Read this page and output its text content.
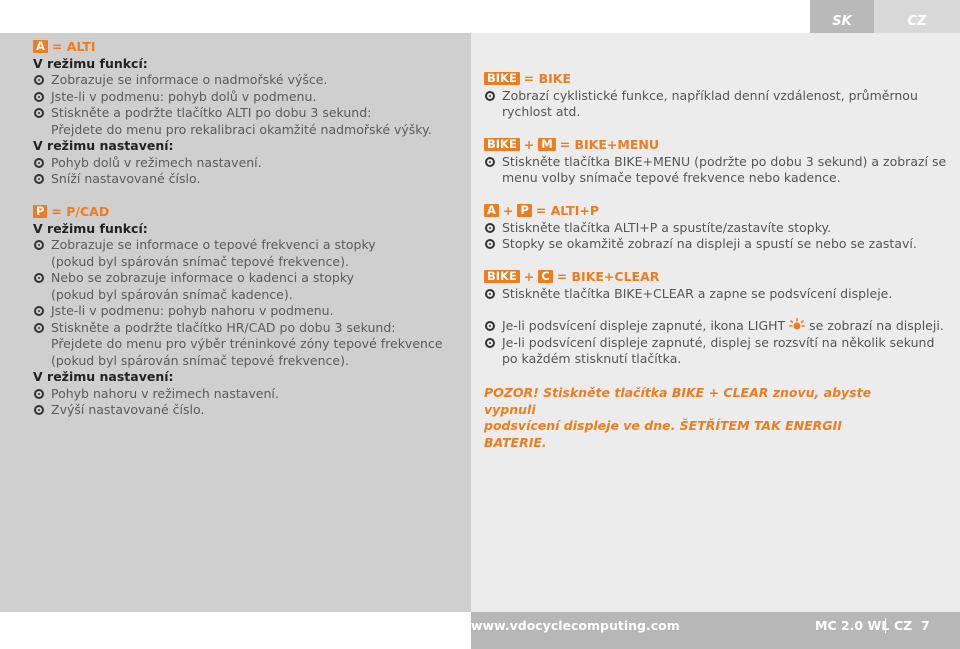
SK	CZ
A = ALTI
V režimu funkcí:
Zobrazuje se informace o nadmořské výšce.
Jste-li v podmenu: pohyb dolů v podmenu.
Stiskněte a podržte tlačítko ALTI po dobu 3 sekund:
Přejdete do menu pro rekalibraci okamžité nadmořské výšky.
V režimu nastavení:
Pohyb dolů v režimech nastavení.
Sníží nastavované číslo.
P = P/CAD
V režimu funkcí:
Zobrazuje se informace o tepové frekvenci a stopky
(pokud byl spárován snímač tepové frekvence).
Nebo se zobrazuje informace o kadenci a stopky
(pokud byl spárován snímač kadence).
Jste-li v podmenu: pohyb nahoru v podmenu.
Stiskněte a podržte tlačítko HR/CAD po dobu 3 sekund:
Přejdete do menu pro výběr tréninkové zóny tepové frekvence
(pokud byl spárován snímač tepové frekvence).
V režimu nastavení:
Pohyb nahoru v režimech nastavení.
Zvýší nastavované číslo.
BIKE = BIKE
Zobrazí cyklistické funkce, například denní vzdálenost, průměrnou
rychlost atd.
BIKE + M = BIKE+MENU
Stiskněte tlačítka BIKE+MENU (podržte po dobu 3 sekund) a zobrazí se
menu volby snímače tepové frekvence nebo kadence.
A + P = ALTI+P
Stiskněte tlačítka ALTI+P a spustíte/zastavíte stopky.
Stopky se okamžitě zobrazí na displeji a spustí se nebo se zastaví.
BIKE + C = BIKE+CLEAR
Stiskněte tlačítka BIKE+CLEAR a zapne se podsvícení displeje.
Je-li podsvícení displeje zapnuté, ikona LIGHT se zobrazí na displeji.
Je-li podsvícení displeje zapnuté, displej se rozsvítí na několik sekund
po každém stisknutí tlačítka.
POZOR! Stiskněte tlačítka BIKE + CLEAR znovu, abyste vypnuli
podsvícení displeje ve dne. ŠETŘÍTEM TAK ENERGII BATERIE.
www.vdocyclecomputing.com	MC 2.0 WL CZ 7
